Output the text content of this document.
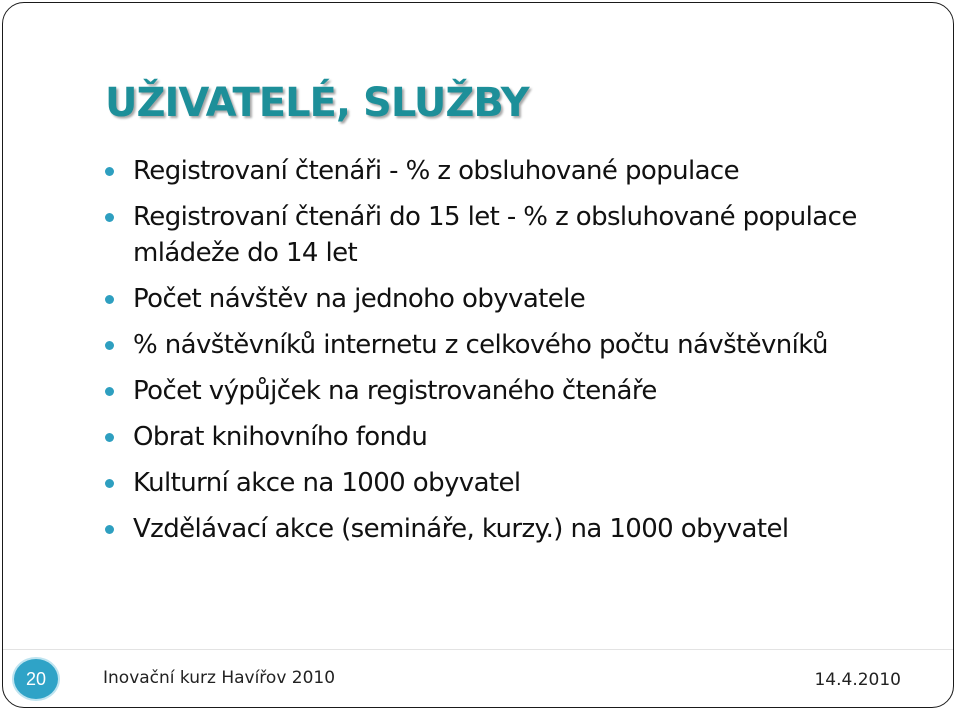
UŽIVATELÉ, SLUŽBY
Registrovaní čtenáři - % z obsluhované populace
Registrovaní čtenáři do 15 let - % z obsluhované populace mládeže do 14 let
Počet návštěv na jednoho obyvatele
% návštěvníků internetu z celkového počtu návštěvníků
Počet výpůjček na registrovaného čtenáře
Obrat knihovního fondu
Kulturní akce na 1000 obyvatel
Vzdělávací akce (semináře, kurzy.) na 1000 obyvatel
20	Inovační kurz Havířov 2010	14.4.2010
